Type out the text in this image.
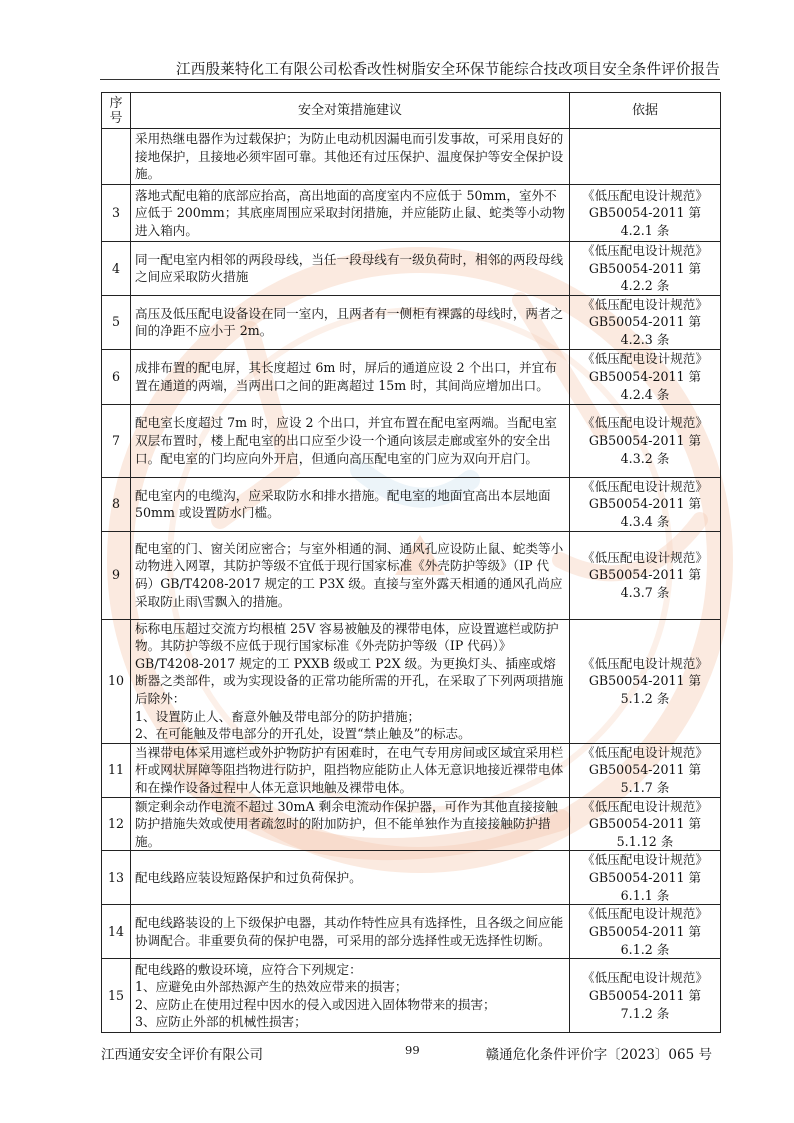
江西殷莱特化工有限公司松香改性树脂安全环保节能综合技改项目安全条件评价报告
序号	安全对策措施建议	依据
	采用热继电器作为过载保护；为防止电动机因漏电而引发事故，可采用良好的接地保护，且接地必须牢固可靠。其他还有过压保护、温度保护等安全保护设施。	
3	落地式配电箱的底部应抬高，高出地面的高度室内不应低于 50mm，室外不应低于 200mm；其底座周围应采取封闭措施，并应能防止鼠、蛇类等小动物进入箱内。	《低压配电设计规范》GB50054-2011 第 4.2.1 条
4	同一配电室内相邻的两段母线，当任一段母线有一级负荷时，相邻的两段母线之间应采取防火措施	《低压配电设计规范》GB50054-2011 第 4.2.2 条
5	高压及低压配电设备设在同一室内，且两者有一侧柜有裸露的母线时，两者之间的净距不应小于 2m。	《低压配电设计规范》GB50054-2011 第 4.2.3 条
6	成排布置的配电屏，其长度超过 6m 时，屏后的通道应设 2 个出口，并宜布置在通道的两端，当两出口之间的距离超过 15m 时，其间尚应增加出口。	《低压配电设计规范》GB50054-2011 第 4.2.4 条
7	配电室长度超过 7m 时，应设 2 个出口，并宜布置在配电室两端。当配电室双层布置时，楼上配电室的出口应至少设一个通向该层走廊或室外的安全出口。配电室的门均应向外开启，但通向高压配电室的门应为双向开启门。	《低压配电设计规范》GB50054-2011 第 4.3.2 条
8	配电室内的电缆沟，应采取防水和排水措施。配电室的地面宜高出本层地面 50mm 或设置防水门槛。	《低压配电设计规范》GB50054-2011 第 4.3.4 条
9	配电室的门、窗关闭应密合；与室外相通的洞、通风孔应设防止鼠、蛇类等小动物进入网罩，其防护等级不宜低于现行国家标准《外壳防护等级》（IP 代码）GB/T4208-2017 规定的工 P3X 级。直接与室外露天相通的通风孔尚应采取防止雨\雪飘入的措施。	《低压配电设计规范》GB50054-2011 第 4.3.7 条
10	标称电压超过交流方均根植 25V 容易被触及的裸带电体，应设置遮栏或防护物。其防护等级不应低于现行国家标准《外壳防护等级（IP 代码）》GB/T4208-2017 规定的工 PXXB 级或工 P2X 级。为更换灯头、插座或熔断器之类部件，或为实现设备的正常功能所需的开孔，在采取了下列两项措施后除外：
1、设置防止人、畜意外触及带电部分的防护措施；
2、在可能触及带电部分的开孔处，设置“禁止触及”的标志。	《低压配电设计规范》GB50054-2011 第 5.1.2 条
11	当裸带电体采用遮栏或外护物防护有困难时，在电气专用房间或区域宜采用栏杆或网状屏障等阻挡物进行防护，阻挡物应能防止人体无意识地接近裸带电体和在操作设备过程中人体无意识地触及裸带电体。	《低压配电设计规范》GB50054-2011 第 5.1.7 条
12	额定剩余动作电流不超过 30mA 剩余电流动作保护器，可作为其他直接接触防护措施失效或使用者疏忽时的附加防护，但不能单独作为直接接触防护措施。	《低压配电设计规范》GB50054-2011 第 5.1.12 条
13	配电线路应装设短路保护和过负荷保护。	《低压配电设计规范》GB50054-2011 第 6.1.1 条
14	配电线路装设的上下级保护电器，其动作特性应具有选择性，且各级之间应能协调配合。非重要负荷的保护电器，可采用的部分选择性或无选择性切断。	《低压配电设计规范》GB50054-2011 第 6.1.2 条
15	配电线路的敷设环境，应符合下列规定：
1、应避免由外部热源产生的热效应带来的损害；
2、应防止在使用过程中因水的侵入或因进入固体物带来的损害；
3、应防止外部的机械性损害；	《低压配电设计规范》GB50054-2011 第 7.1.2 条
江西通安安全评价有限公司	99	赣通危化条件评价字〔2023〕065 号
